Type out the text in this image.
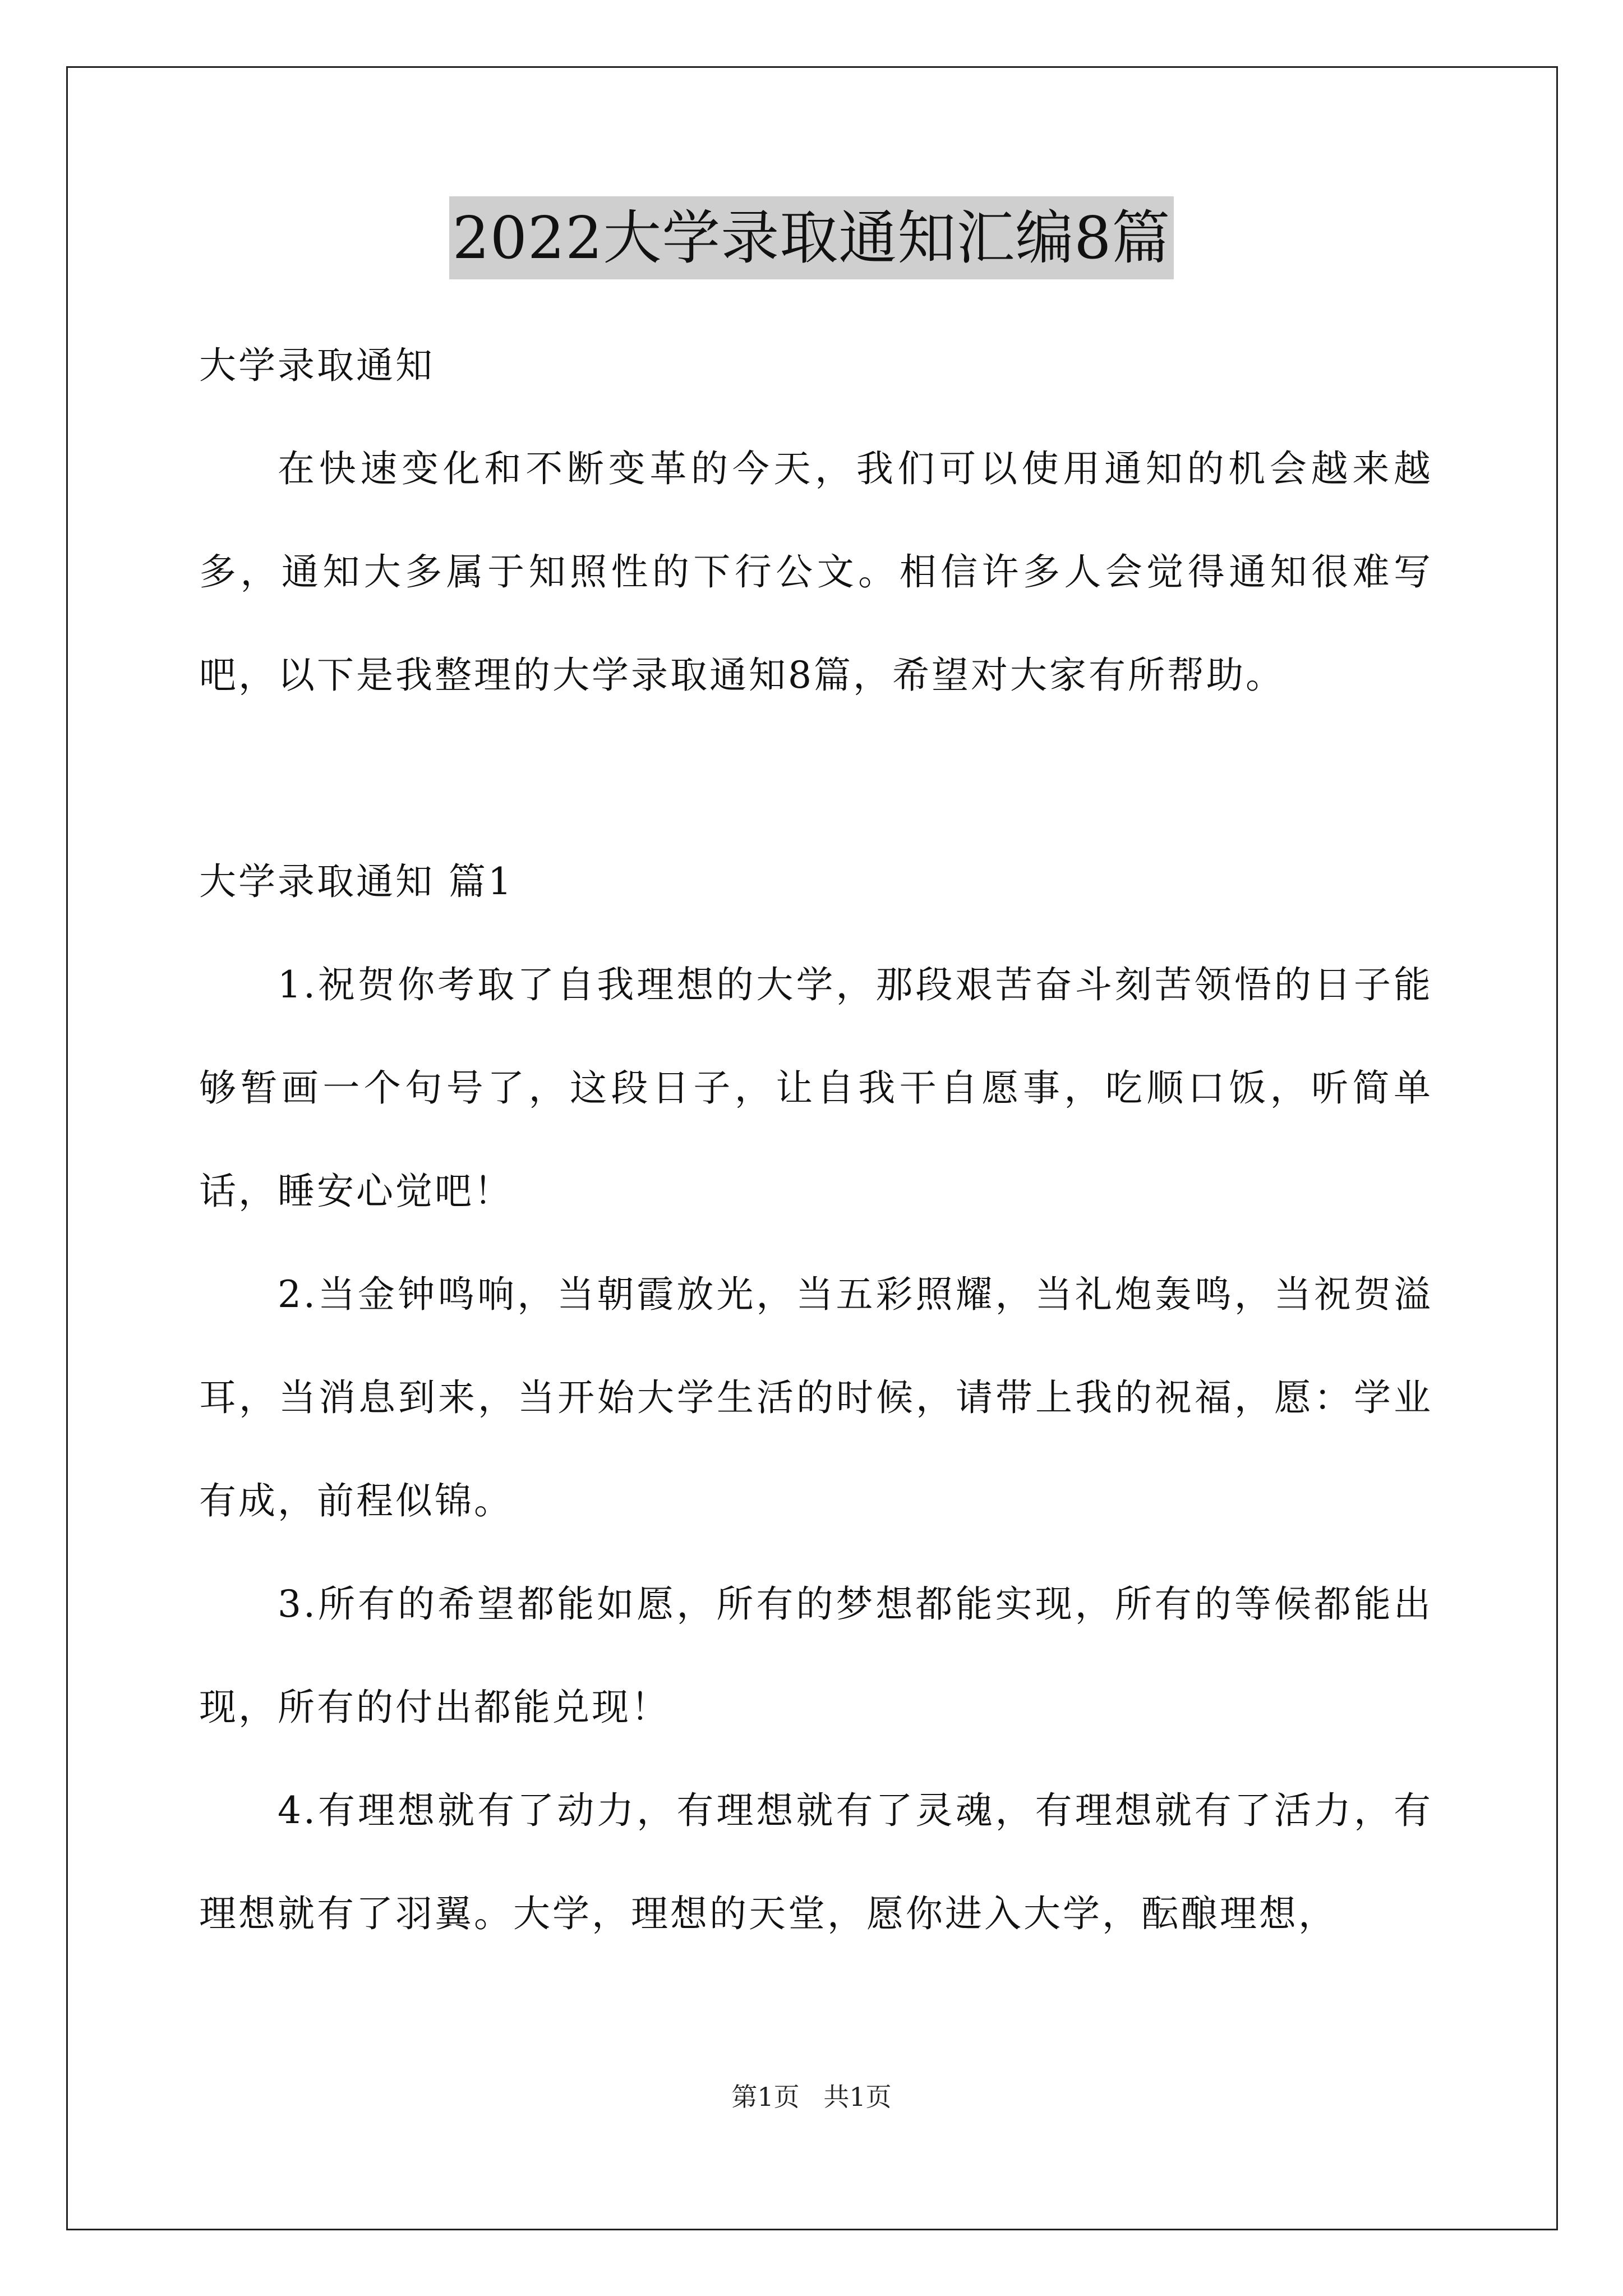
2022大学录取通知汇编8篇

大学录取通知

在快速变化和不断变革的今天，我们可以使用通知的机会越来越多，通知大多属于知照性的下行公文。相信许多人会觉得通知很难写吧，以下是我整理的大学录取通知8篇，希望对大家有所帮助。

大学录取通知 篇1

1.祝贺你考取了自我理想的大学，那段艰苦奋斗刻苦领悟的日子能够暂画一个句号了，这段日子，让自我干自愿事，吃顺口饭，听简单话，睡安心觉吧！

2.当金钟鸣响，当朝霞放光，当五彩照耀，当礼炮轰鸣，当祝贺溢耳，当消息到来，当开始大学生活的时候，请带上我的祝福，愿：学业有成，前程似锦。

3.所有的希望都能如愿，所有的梦想都能实现，所有的等候都能出现，所有的付出都能兑现！

4.有理想就有了动力，有理想就有了灵魂，有理想就有了活力，有理想就有了羽翼。大学，理想的天堂，愿你进入大学，酝酿理想，

第1页 共1页
